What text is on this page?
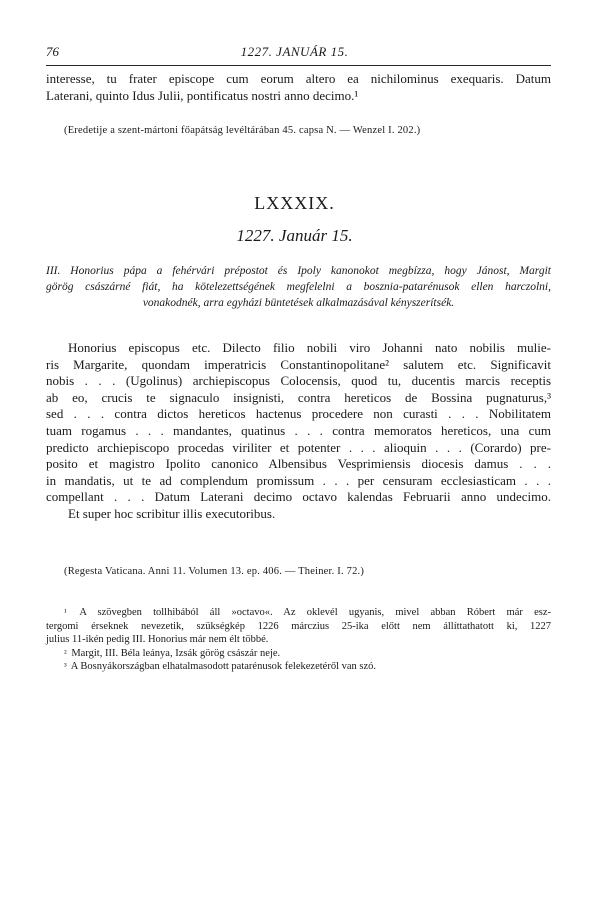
76	1227. JANUÁR 15.

interesse, tu frater episcope cum eorum altero ea nichilominus exequaris. Datum

Laterani, quinto Idus Julii, pontificatus nostri anno decimo.¹

(Eredetije a szent-mártoni főapátság levéltárában 45. capsa N. — Wenzel I. 202.)
LXXXIX.
1227. Január 15.
III. Honorius pápa a fehérvári prépostot és Ipoly kanonokot megbízza, hogy Jánost, Margit
görög császárné fiát, ha kötelezettségének megfelelni a bosznia-patarénusok ellen harczolni,
vonakodnék, arra egyházi büntetések alkalmazásával kényszerítsék.
Honorius episcopus etc. Dilecto filio nobili viro Johanni nato nobilis mulie-
ris Margarite, quondam imperatricis Constantinopolitane² salutem etc. Significavit
nobis . . . (Ugolinus) archiepiscopus Colocensis, quod tu, ducentis marcis receptis
ab eo, crucis te signaculo insignisti, contra hereticos de Bossina pugnaturus,³
sed . . . contra dictos hereticos hactenus procedere non curasti . . . Nobilitatem
tuam rogamus . . . mandantes, quatinus . . . contra memoratos hereticos, una cum
predicto archiepiscopo procedas viriliter et potenter . . . alioquin . . . (Corardo) pre-
posito et magistro Ipolito canonico Albensibus Vesprimiensis diocesis damus . . .
in mandatis, ut te ad complendum promissum . . . per censuram ecclesiasticam . . .
compellant . . . Datum Laterani decimo octavo kalendas Februarii anno undecimo.
Et super hoc scribitur illis executoribus.
(Regesta Vaticana. Anni 11. Volumen 13. ep. 406. — Theiner. I. 72.)
¹ A szövegben tollhibából áll »octavo«. Az oklevél ugyanis, mivel abban Róbert már esz-
tergomi érseknek nevezetik, szükségkép 1226 márczius 25-ika előtt nem állíttathatott ki, 1227
julius 11-ikén pedig III. Honorius már nem élt többé.
² Margit, III. Béla leánya, Izsák görög császár neje.
³ A Bosnyákországban elhatalmasodott patarénusok felekezetéről van szó.
